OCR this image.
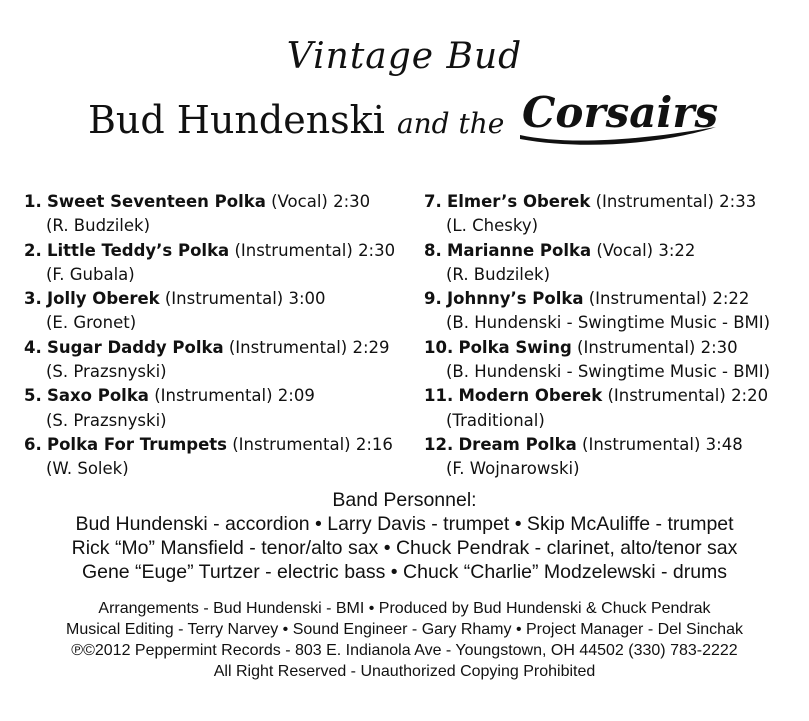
Vintage Bud
Bud Hundenski and the Corsairs
1. Sweet Seventeen Polka (Vocal) 2:30
(R. Budzilek)
2. Little Teddy’s Polka (Instrumental) 2:30
(F. Gubala)
3. Jolly Oberek (Instrumental) 3:00
(E. Gronet)
4. Sugar Daddy Polka (Instrumental) 2:29
(S. Prazsnyski)
5. Saxo Polka (Instrumental) 2:09
(S. Prazsnyski)
6. Polka For Trumpets (Instrumental) 2:16
(W. Solek)
7. Elmer’s Oberek (Instrumental) 2:33
(L. Chesky)
8. Marianne Polka (Vocal) 3:22
(R. Budzilek)
9. Johnny’s Polka (Instrumental) 2:22
(B. Hundenski - Swingtime Music - BMI)
10. Polka Swing (Instrumental) 2:30
(B. Hundenski - Swingtime Music - BMI)
11. Modern Oberek (Instrumental) 2:20
(Traditional)
12. Dream Polka (Instrumental) 3:48
(F. Wojnarowski)
Band Personnel:
Bud Hundenski - accordion • Larry Davis - trumpet • Skip McAuliffe - trumpet
Rick “Mo” Mansfield - tenor/alto sax • Chuck Pendrak - clarinet, alto/tenor sax
Gene “Euge” Turtzer - electric bass • Chuck “Charlie” Modzelewski - drums
Arrangements - Bud Hundenski - BMI • Produced by Bud Hundenski & Chuck Pendrak
Musical Editing - Terry Narvey • Sound Engineer - Gary Rhamy • Project Manager - Del Sinchak
℗©2012 Peppermint Records - 803 E. Indianola Ave - Youngstown, OH 44502 (330) 783-2222
All Right Reserved - Unauthorized Copying Prohibited
